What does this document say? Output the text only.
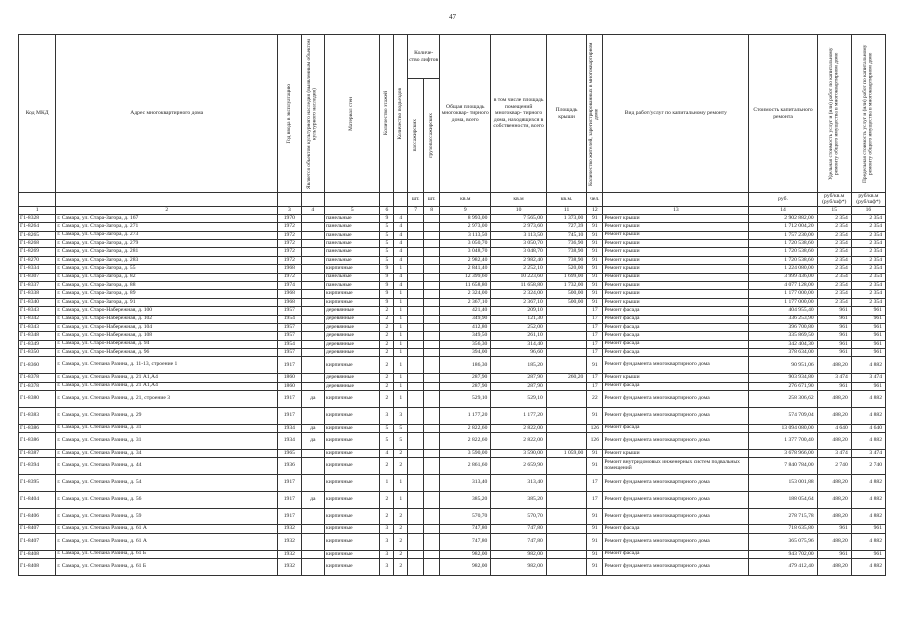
47
Код МКД	Адрес многоквартирного дома	Год ввода в эксплуатацию	Является объектом культурного наследия (выявленным объектом культурного наследия)	Материал стен	Количество этажей	Количество подъездов	Количе- ство лифтов		Общая площадь многоквар- тирного дома, всего	в том числе площадь помещений многоквар- тирного дома, находящихся в собственности, всего	Площадь крыши	Количество жителей, зарегистрированных в многоквартирном доме	Вид работ/услуг по капитальному ремонту	Стоимость капитального ремонта	Удельная стоимость услуг и (или) работ по капитальному ремонту общего имущества в многоквартирном доме	Предельная стоимость услуг и (или) работ по капитальному ремонту общего имущества в многоквартирном доме

							пассажирских	грузопассажирских								

							шт.	шт.	кв.м	кв.м	кв.м.	чел.		руб.	руб/кв.м (руб/шф*)	руб/кв.м (руб/шф*)
1	2	3	4	5	6		7	8	9	10	11	12	13	14	15	16
Г1-8328	г. Самара, ул. Стара-Загора, д. 167	1970		панельные	9	4			8 993,00	7 565,00	1 373,00	91	Ремонт крыши	2 902 882,00	2 354	2 354
Г1-8264	г. Самара, ул. Стара-Загора, д. 271	1972		панельные	5	4			2 973,00	2 973,60	727,39	91	Ремонт крыши	1 712 004,20	2 354	2 354
Г1-8265	г. Самара, ул. Стара-Загора, д. 273	1972		панельные	5	4			3 113,50	3 113,50	745,10	91	Ремонт крыши	1 757 230,00	2 354	2 354
Г1-8268	г. Самара, ул. Стара-Загора, д. 279	1972		панельные	5	4			3 050,70	3 050,70	736,90	91	Ремонт крыши	1 720 538,60	2 354	2 354
Г1-8269	г. Самара, ул. Стара-Загора, д. 281	1972		панельные	5	4			3 048,70	3 048,70	738,90	91	Ремонт крыши	1 720 538,60	2 354	2 354
Г1-8270	г. Самара, ул. Стара-Загора, д. 283	1972		панельные	5	4			2 982,40	2 982,40	738,90	91	Ремонт крыши	1 720 538,60	2 354	2 354
Г1-8334	г. Самара, ул. Стара-Загора, д. 55	1968		кирпичные	9	1			2 841,40	2 252,10	520,00	91	Ремонт крыши	1 224 080,00	2 354	2 354
Г1-8307	г. Самара, ул. Стара-Загора, д. 82	1972		панельные	9	4			12 399,60	10 223,60	1 699,00	91	Ремонт крыши	3 999 436,00	2 354	2 354
Г1-8337	г. Самара, ул. Стара-Загора, д. 88	1974		панельные	9	4			11 658,80	11 658,80	1 732,00	91	Ремонт крыши	4 077 128,00	2 354	2 354
Г1-8338	г. Самара, ул. Стара-Загора, д. 89	1968		кирпичные	9	1			2 324,00	2 324,00	500,00	91	Ремонт крыши	1 177 000,00	2 354	2 354
Г1-8340	г. Самара, ул. Стара-Загора, д. 91	1968		кирпичные	9	1			2 367,10	2 367,10	500,00	91	Ремонт крыши	1 177 000,00	2 354	2 354
Г1-8343	г. Самара, ул. Старо-Набережная, д. 100	1957		деревянные	2	1			421,40	209,10		17	Ремонт фасада	404 955,40	961	961
Г1-8342	г. Самара, ул. Старо-Набережная, д. 102	1954		деревянные	2	1			349,90	121,30		17	Ремонт фасада	336 253,90	961	961
Г1-8343	г. Самара, ул. Старо-Набережная, д. 104	1957		деревянные	2	1			412,80	252,00		17	Ремонт фасада	396 700,80	961	961
Г1-8348	г. Самара, ул. Старо-Набережная, д. 108	1957		деревянные	2	1			349,50	261,10		17	Ремонт фасада	335 869,50	961	961
Г1-8349	г. Самара, ул. Старо-Набережная, д. 94	1954		деревянные	2	1			356,30	314,40		17	Ремонт фасада	342 404,30	961	961
Г1-8350	г. Самара, ул. Старо-Набережная, д. 96	1957		деревянные	2	1			394,00	96,60		17	Ремонт фасада	378 634,00	961	961
Г1-8360	г. Самара, ул. Степана Разина, д. 11-13, строение 1	1917		кирпичные	2	1			186,30	185,20		91	Ремонт фундамента многоквартирного дома	90 951,06	488,20	4 882
Г1-8378	г. Самара, ул. Степана Разина, д. 21 А1,А4	1860		деревянные	2	1			287,90	287,90	260,20	17	Ремонт крыши	903 934,80	3 474	3 474
Г1-8378	г. Самара, ул. Степана Разина, д. 21 А1,А4	1860		деревянные	2	1			287,90	287,90		17	Ремонт фасада	276 671,90	961	961
Г1-8380	г. Самара, ул. Степана Разина, д. 21, строение 3	1917	да	кирпичные	2	1			529,10	529,10		22	Ремонт фундамента многоквартирного дома	258 306,62	488,20	4 882
Г1-8383	г. Самара, ул. Степана Разина, д. 29	1917		кирпичные	3	3			1 177,20	1 177,20		91	Ремонт фундамента многоквартирного дома	574 709,04	488,20	4 882
Г1-8386	г. Самара, ул. Степана Разина, д. 31	1934	да	кирпичные	5	5			2 822,60	2 822,00		126	Ремонт фасада	13 094 080,00	4 640	4 640
Г1-8386	г. Самара, ул. Степана Разина, д. 31	1934	да	кирпичные	5	5			2 822,60	2 822,00		126	Ремонт фундамента многоквартирного дома	1 377 700,40	488,20	4 882
Г1-8387	г. Самара, ул. Степана Разина, д. 34	1965		кирпичные	4	2			3 590,00	3 590,00	1 059,00	91	Ремонт крыши	3 678 966,00	3 474	3 474
Г1-8394	г. Самара, ул. Степана Разина, д. 44	1936		кирпичные	2	2			2 861,60	2 659,90		91	Ремонт внутридомовых инженерных систем подвальных помещений	7 840 784,00	2 740	2 740
Г1-8395	г. Самара, ул. Степана Разина, д. 54	1917		кирпичные	1	1			313,40	313,40		17	Ремонт фундамента многоквартирного дома	153 001,88	488,20	4 882
Г1-8404	г. Самара, ул. Степана Разина, д. 56	1917	да	кирпичные	2	1			385,20	385,20		17	Ремонт фундамента многоквартирного дома	188 054,64	488,20	4 882
Г1-8406	г. Самара, ул. Степана Разина, д. 59	1917		кирпичные	2	2			570,70	570,70		91	Ремонт фундамента многоквартирного дома	278 715,78	488,20	4 882
Г1-8407	г. Самара, ул. Степана Разина, д. 61 А	1932		кирпичные	3	2			747,80	747,80		91	Ремонт фасада	718 635,80	961	961
Г1-8407	г. Самара, ул. Степана Разина, д. 61 А	1932		кирпичные	3	2			747,80	747,80		91	Ремонт фундамента многоквартирного дома	365 075,96	488,20	4 882
Г1-8408	г. Самара, ул. Степана Разина, д. 61 Б	1932		кирпичные	3	2			982,00	982,00		91	Ремонт фасада	943 702,00	961	961
Г1-8408	г. Самара, ул. Степана Разина, д. 61 Б	1932		кирпичные	3	2			982,00	982,00		91	Ремонт фундамента многоквартирного дома	479 412,40	488,20	4 882
